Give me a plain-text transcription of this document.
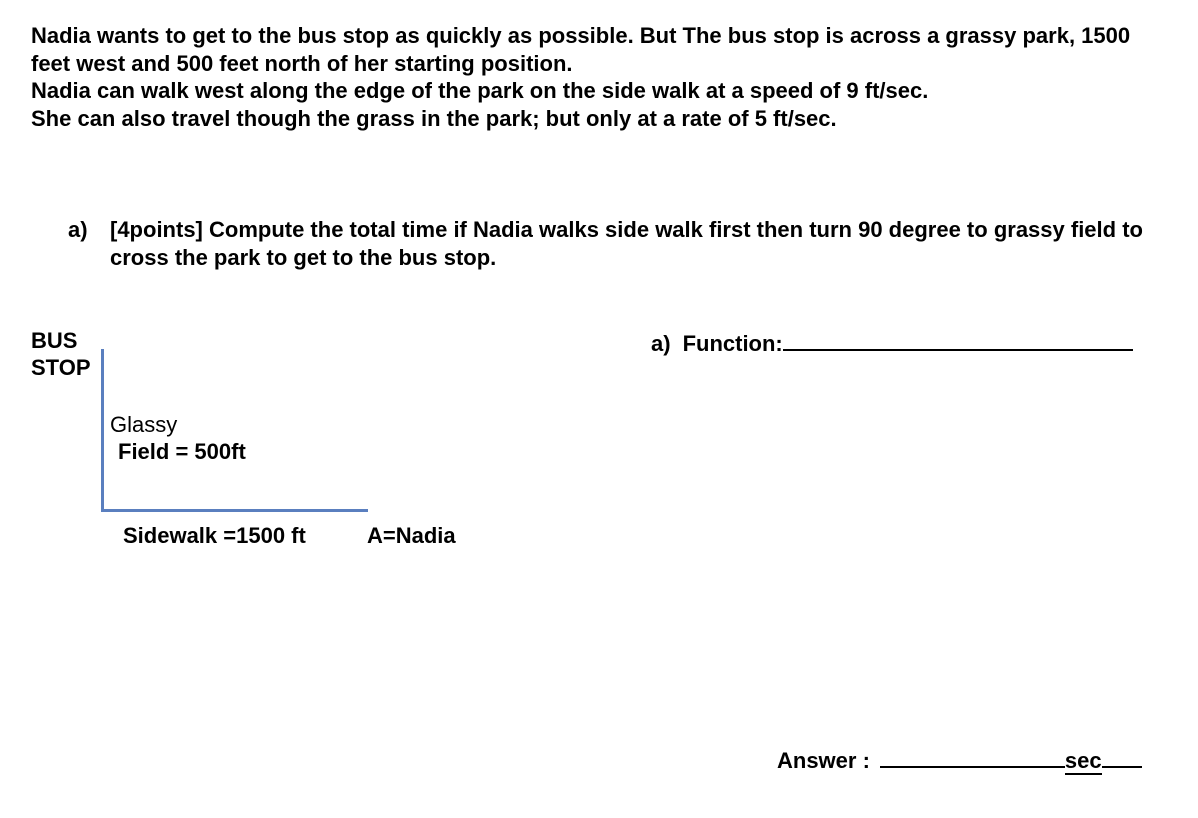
Nadia wants to get to the bus stop as quickly as possible. But The bus stop is across a grassy park, 1500 feet west and 500 feet north of her starting position.

Nadia can walk west along the edge of the park on the side walk at a speed of 9 ft/sec.

She can also travel though the grass in the park; but only at a rate of 5 ft/sec.

a) [4points] Compute the total time if Nadia walks side walk first then turn 90 degree to grassy field to cross the park to get to the bus stop.
BUS
STOP
Glassy
Field = 500ft
Sidewalk =1500 ft	A=Nadia
a) Function:
Answer :	sec
